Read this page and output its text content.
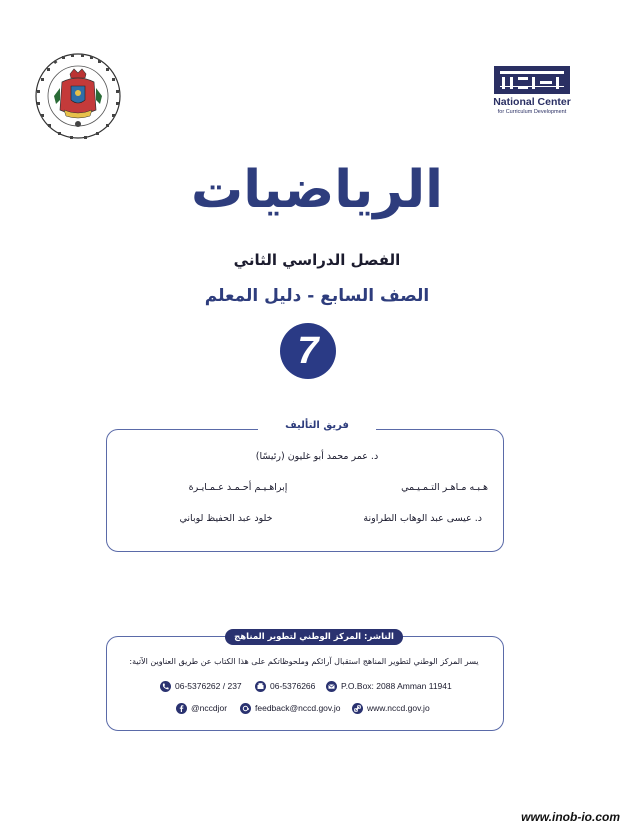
National Center
for Curriculum Development
الرياضيات
الفصل الدراسي الثاني
الصف السابع - دليل المعلم
7
فريق التأليف
د. عمر محمد أبو غليون (رئيسًا)
هـبـه مـاهـر التـمـيـمي
إبراهـيـم أحـمـد عـمـايـرة
د. عيسى عبد الوهاب الطراونة
خلود عبد الحفيظ لوباني
الناشر: المركز الوطني لتطوير المناهج
يسر المركز الوطني لتطوير المناهج استقبال آرائكم وملحوظاتكم على هذا الكتاب عن طريق العناوين الآتية:
06-5376262 / 237	06-5376266	P.O.Box: 2088 Amman 11941
@nccdjor	feedback@nccd.gov.jo	www.nccd.gov.jo
www.inob-io.com
